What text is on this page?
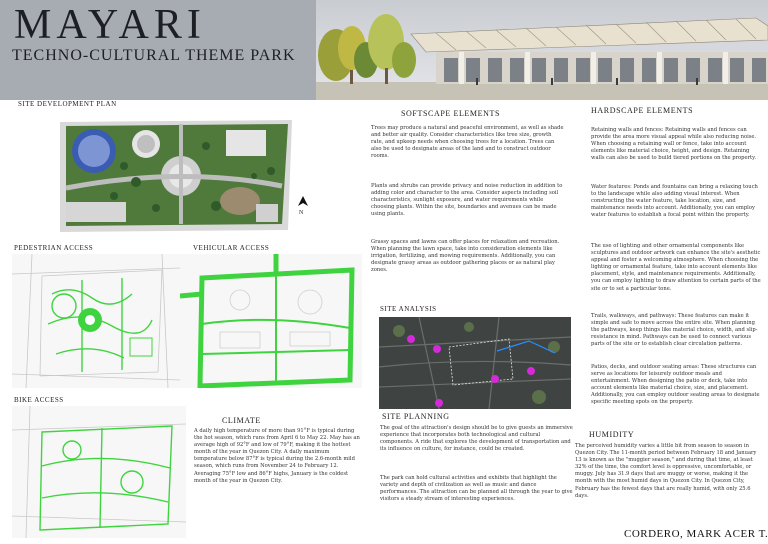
MAYARI
TECHNO-CULTURAL THEME PARK
SITE DEVELOPMENT PLAN
N
PEDESTRIAN ACCESS	VEHICULAR ACCESS
BIKE ACCESS
SOFTSCAPE ELEMENTS
Trees may produce a natural and peaceful environment, as well as shade and better air quality. Consider characteristics like tree size, growth rate, and upkeep needs when choosing trees for a location. Trees can also be used to designate areas of the land and to construct outdoor rooms.
Plants and shrubs can provide privacy and noise reduction in addition to adding color and character to the area. Consider aspects including soil characteristics, sunlight exposure, and water requirements while choosing plants. Within the site, boundaries and avenues can be made using plants.
Grassy spaces and lawns can offer places for relaxation and recreation. When planning the lawn space, take into consideration elements like irrigation, fertilizing, and mowing requirements. Additionally, you can designate grassy areas as outdoor gathering places or as natural play zones.
HARDSCAPE ELEMENTS
Retaining walls and fences: Retaining walls and fences can provide the area more visual appeal while also reducing noise. When choosing a retaining wall or fence, take into account elements like material choice, height, and design. Retaining walls can also be used to build tiered portions on the property.
Water features: Ponds and fountains can bring a relaxing touch to the landscape while also adding visual interest. When constructing the water feature, take location, size, and maintenance needs into account. Additionally, you can employ water features to establish a focal point within the property.
The use of lighting and other ornamental components like sculptures and outdoor artwork can enhance the site's aesthetic appeal and foster a welcoming atmosphere. When choosing the lighting or ornamental feature, take into account elements like placement, style, and maintenance requirements. Additionally, you can employ lighting to draw attention to certain parts of the site or to set a particular tone.
Trails, walkways, and pathways: These features can make it simple and safe to move across the entire site. When planning the pathways, keep things like material choice, width, and slip-resistance in mind. Pathways can be used to connect various parts of the site or to establish clear circulation patterns.
Patios, decks, and outdoor seating areas: These structures can serve as locations for leisurely outdoor meals and entertainment. When designing the patio or deck, take into account elements like material choice, size, and placement. Additionally, you can employ outdoor seating areas to designate specific meeting spots on the property.
SITE ANALYSIS
CLIMATE
A daily high temperature of more than 91°F is typical during the hot season, which runs from April 6 to May 22. May has an average high of 92°F and low of 79°F, making it the hottest month of the year in Quezon City. A daily maximum temperature below 87°F is typical during the 2.6-month mild season, which runs from November 24 to February 12. Averaging 75°F low and 86°F highs, January is the coldest month of the year in Quezon City.
SITE PLANNING
The goal of the attraction's design should be to give guests an immersive experience that incorporates both technological and cultural components. A ride that explores the development of transportation and its influence on culture, for instance, could be created.
The park can hold cultural activities and exhibits that highlight the variety and depth of civilization as well as music and dance performances. The attraction can be planned all through the year to give visitors a steady stream of interesting experiences.
HUMIDITY
The perceived humidity varies a little bit from season to season in Quezon City. The 11-month period between February 18 and January 13 is known as the "muggier season," and during that time, at least 32% of the time, the comfort level is oppressive, uncomfortable, or muggy. July has 31.9 days that are muggy or worse, making it the month with the most humid days in Quezon City. In Quezon City, February has the fewest days that are really humid, with only 25.6 days.
CORDERO, MARK ACER T.
